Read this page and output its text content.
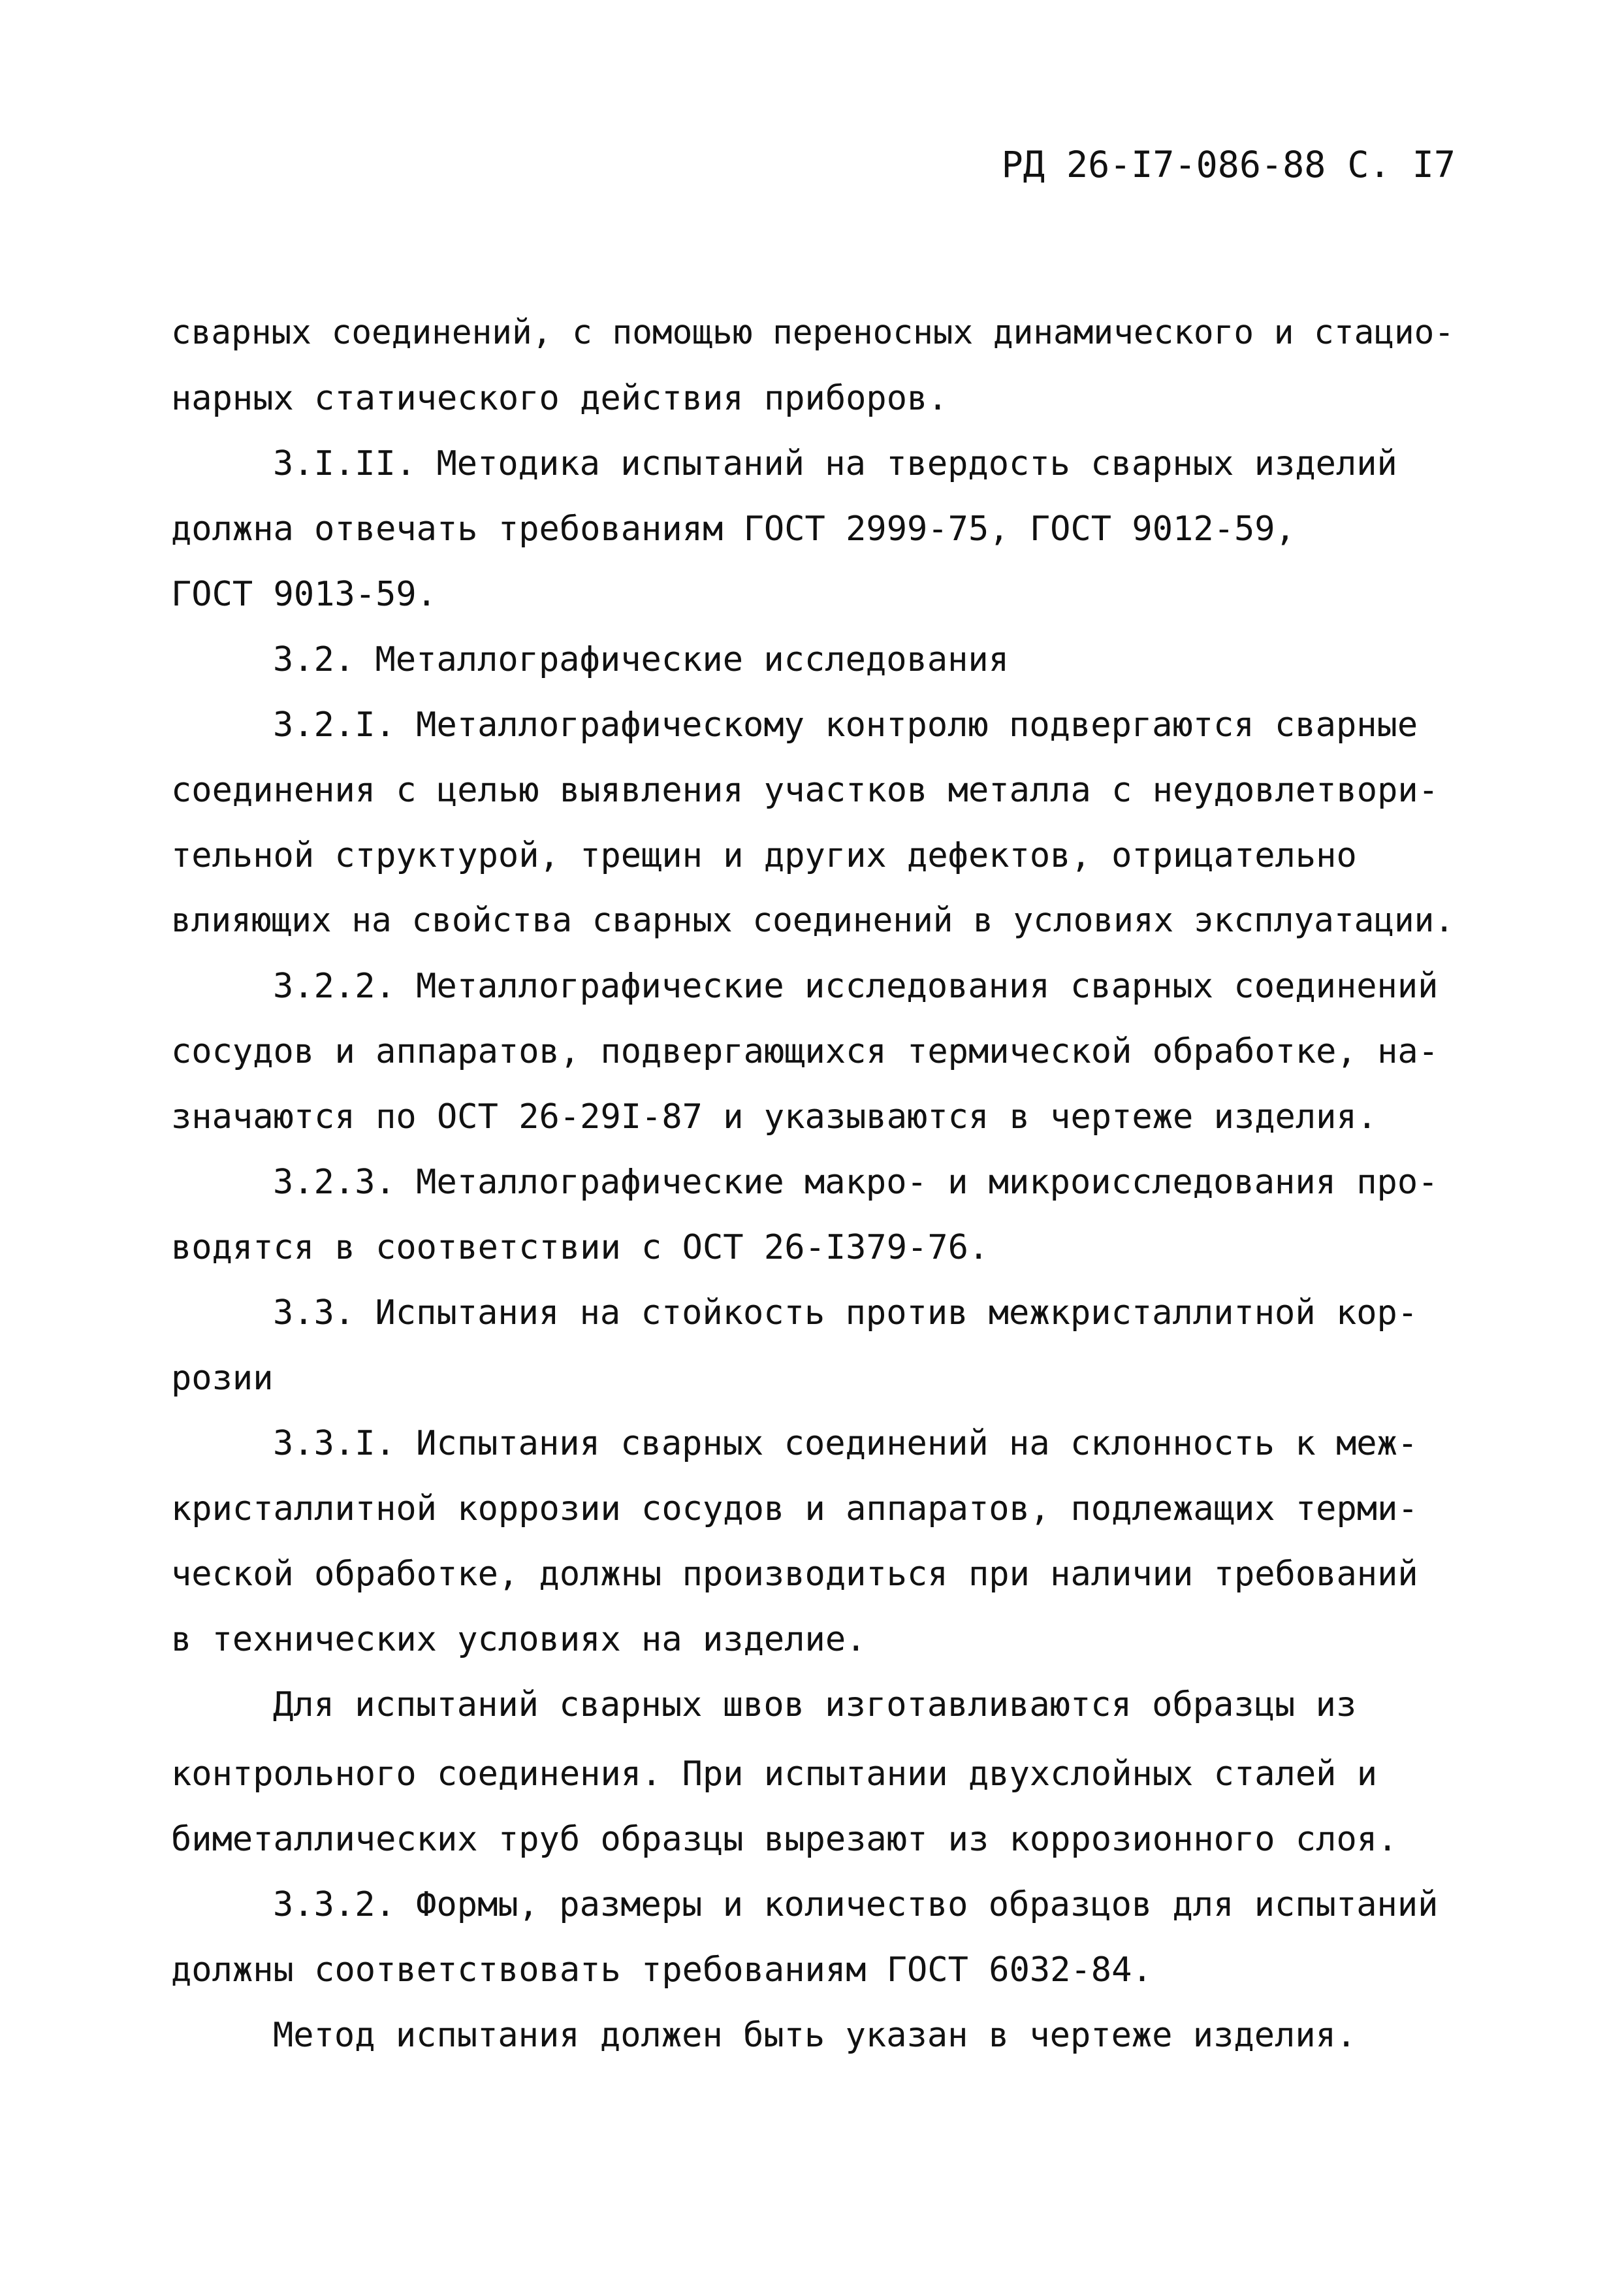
РД 26-I7-086-88 С. I7
сварных соединений, с помощью переносных динамического и стацио-
нарных статического действия приборов.
3.I.II. Методика испытаний на твердость сварных изделий
должна отвечать требованиям ГОСТ 2999-75, ГОСТ 9012-59,
ГОСТ 9013-59.
3.2. Металлографические исследования
3.2.I. Металлографическому контролю подвергаются сварные
соединения с целью выявления участков металла с неудовлетвори-
тельной структурой, трещин и других дефектов, отрицательно
влияющих на свойства сварных соединений в условиях эксплуатации.
3.2.2. Металлографические исследования сварных соединений
сосудов и аппаратов, подвергающихся термической обработке, на-
значаются по ОСТ 26-29I-87 и указываются в чертеже изделия.
3.2.3. Металлографические макро- и микроисследования про-
водятся в соответствии с ОСТ 26-I379-76.
3.3. Испытания на стойкость против межкристаллитной кор-
розии
3.3.I. Испытания сварных соединений на склонность к меж-
кристаллитной коррозии сосудов и аппаратов, подлежащих терми-
ческой обработке, должны производиться при наличии требований
в технических условиях на изделие.
Для испытаний сварных швов изготавливаются образцы из
контрольного соединения. При испытании двухслойных сталей и
биметаллических труб образцы вырезают из коррозионного слоя.
3.3.2. Формы, размеры и количество образцов для испытаний
должны соответствовать требованиям ГОСТ 6032-84.
Метод испытания должен быть указан в чертеже изделия.
